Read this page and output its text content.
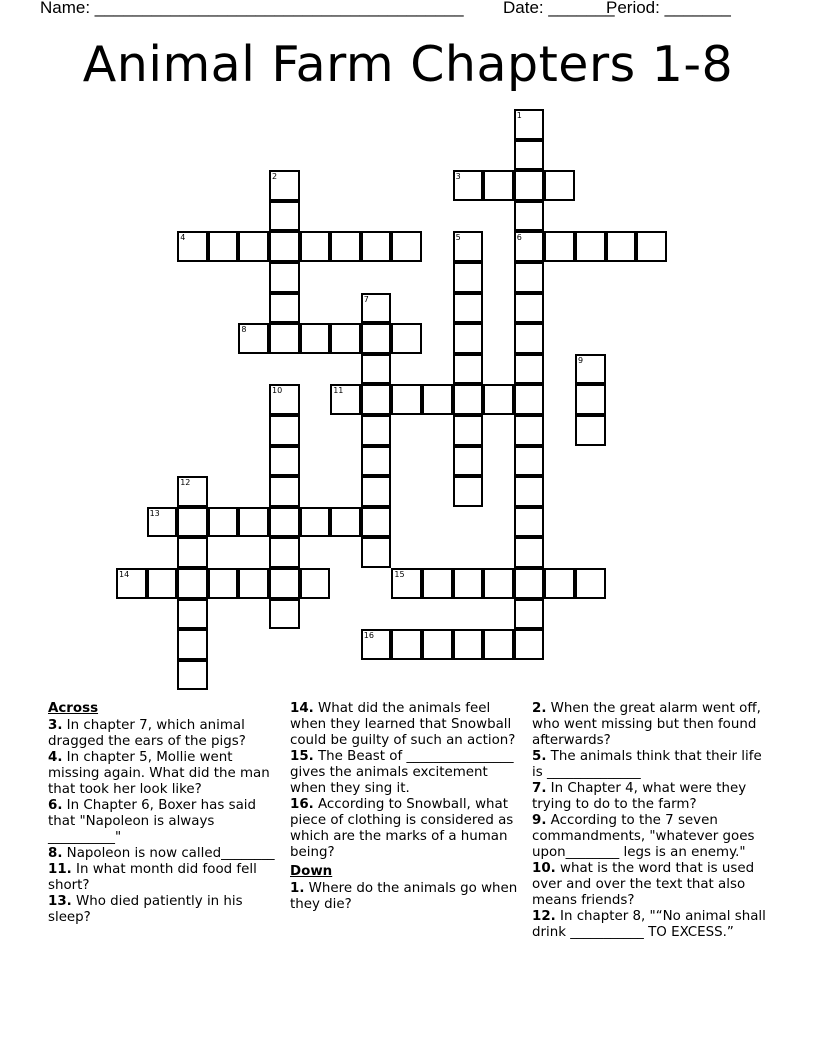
Name: _______________________________________ Date: _______
Period: _______
Animal Farm Chapters 1-8
1
6
2	3
4	5
7
8
9
10	11
12
13
14	15
16
Across
3. In chapter 7, which animal dragged the ears of the pigs?
4. In chapter 5, Mollie went missing again. What did the man that took her look like?
6. In Chapter 6, Boxer has said that "Napoleon is always __________"
8. Napoleon is now called________
11. In what month did food fell short?
13. Who died patiently in his sleep?
14. What did the animals feel when they learned that Snowball could be guilty of such an action?
15. The Beast of ________________ gives the animals excitement when they sing it.
16. According to Snowball, what piece of clothing is considered as which are the marks of a human being?
Down
1. Where do the animals go when they die?
2. When the great alarm went off, who went missing but then found afterwards?
5. The animals think that their life is ______________
7. In Chapter 4, what were they trying to do to the farm?
9. According to the 7 seven commandments, "whatever goes upon________ legs is an enemy."
10. what is the word that is used over and over the text that also means friends?
12. In chapter 8, "“No animal shall drink ___________ TO EXCESS.”
